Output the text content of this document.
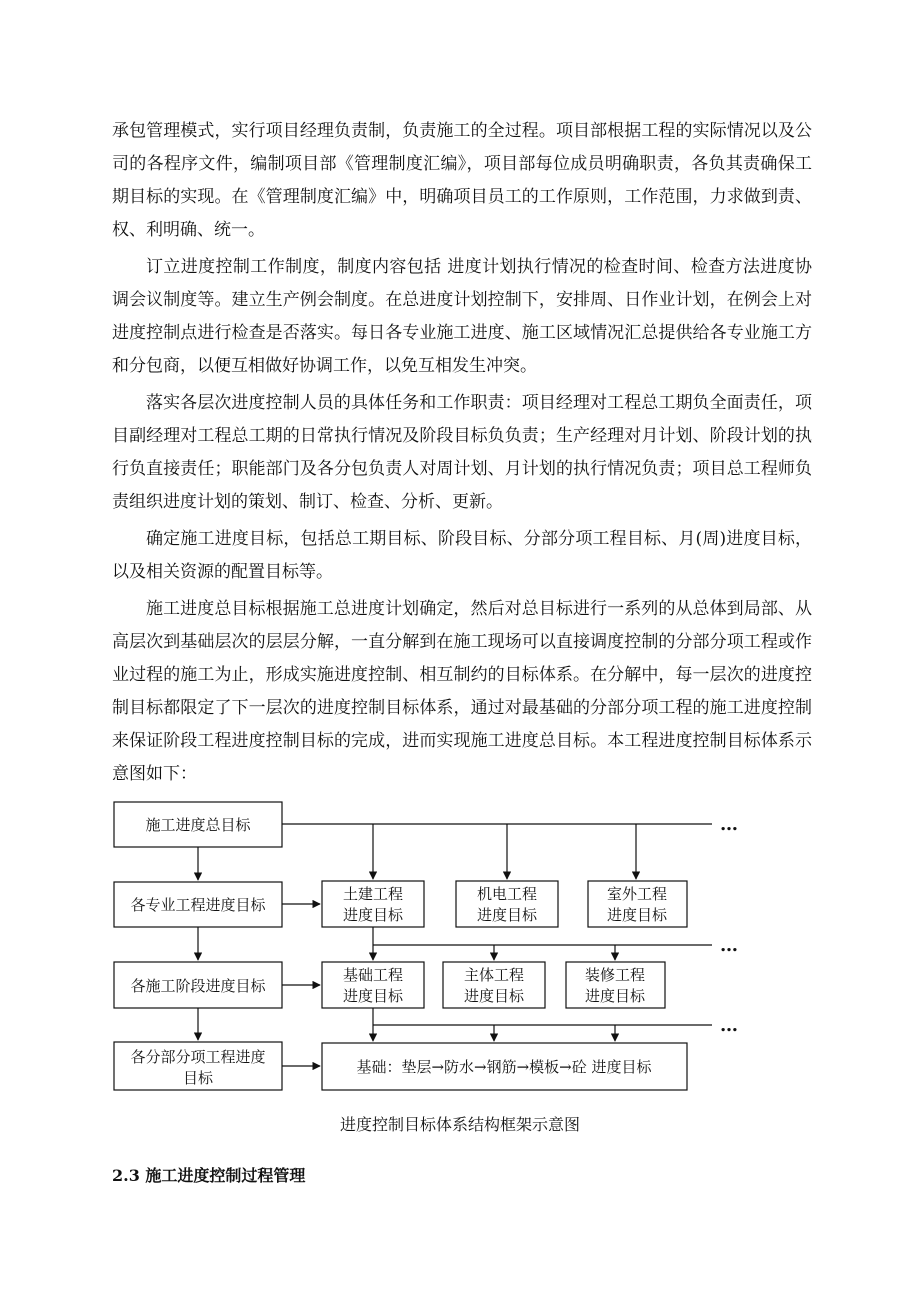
承包管理模式，实行项目经理负责制，负责施工的全过程。项目部根据工程的实际情况以及公司的各程序文件，编制项目部《管理制度汇编》，项目部每位成员明确职责，各负其责确保工期目标的实现。在《管理制度汇编》中，明确项目员工的工作原则，工作范围，力求做到责、权、利明确、统一。

订立进度控制工作制度，制度内容包括 进度计划执行情况的检查时间、检查方法进度协调会议制度等。建立生产例会制度。在总进度计划控制下，安排周、日作业计划，在例会上对进度控制点进行检查是否落实。每日各专业施工进度、施工区域情况汇总提供给各专业施工方和分包商，以便互相做好协调工作，以免互相发生冲突。

落实各层次进度控制人员的具体任务和工作职责：项目经理对工程总工期负全面责任，项目副经理对工程总工期的日常执行情况及阶段目标负负责；生产经理对月计划、阶段计划的执行负直接责任；职能部门及各分包负责人对周计划、月计划的执行情况负责；项目总工程师负责组织进度计划的策划、制订、检查、分析、更新。

确定施工进度目标，包括总工期目标、阶段目标、分部分项工程目标、月(周)进度目标，以及相关资源的配置目标等。

施工进度总目标根据施工总进度计划确定，然后对总目标进行一系列的从总体到局部、从高层次到基础层次的层层分解，一直分解到在施工现场可以直接调度控制的分部分项工程或作业过程的施工为止，形成实施进度控制、相互制约的目标体系。在分解中，每一层次的进度控制目标都限定了下一层次的进度控制目标体系，通过对最基础的分部分项工程的施工进度控制来保证阶段工程进度控制目标的完成，进而实现施工进度总目标。本工程进度控制目标体系示意图如下：

施工进度总目标
各专业工程进度目标
各施工阶段进度目标
各分部分项工程进度
目标
土建工程
进度目标
机电工程
进度目标
室外工程
进度目标
基础工程
进度目标
主体工程
进度目标
装修工程
进度目标
基础：垫层→防水→钢筋→模板→砼 进度目标
…
…
…
进度控制目标体系结构框架示意图
2.3 施工进度控制过程管理
